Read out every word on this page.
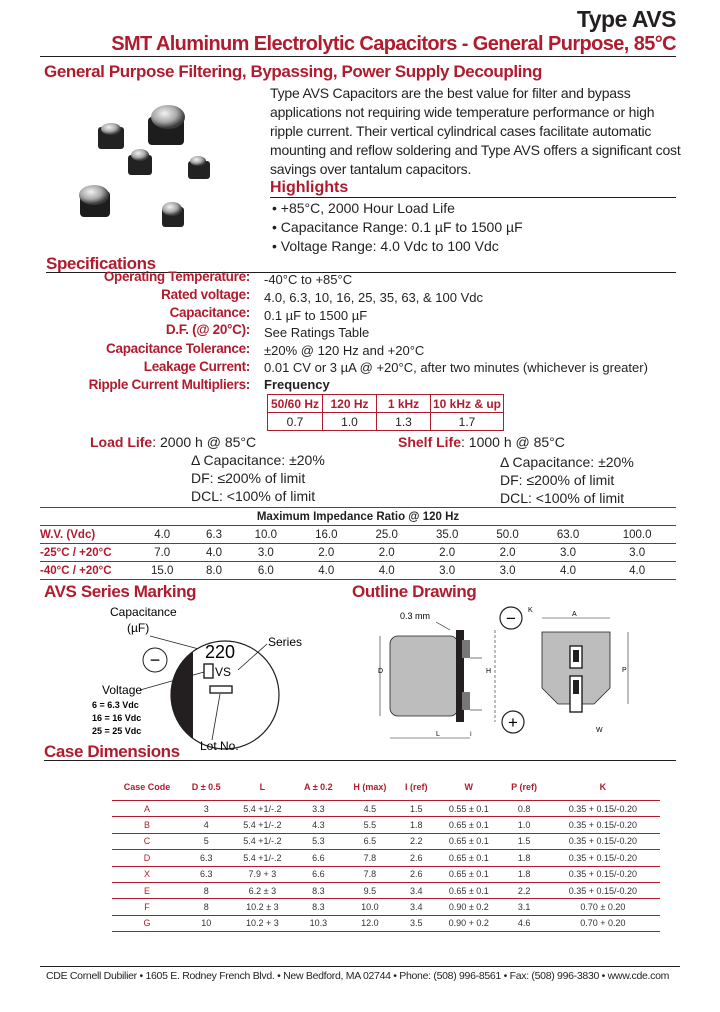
Type AVS
SMT Aluminum Electrolytic Capacitors - General Purpose, 85°C
General Purpose Filtering, Bypassing, Power Supply Decoupling
Type AVS Capacitors are the best value for filter and bypass applications not requiring wide temperature performance or high ripple current. Their vertical cylindrical cases facilitate automatic mounting and reflow soldering and Type AVS offers a significant cost savings over tantalum capacitors.
Highlights
• +85°C, 2000 Hour Load Life
• Capacitance Range: 0.1 µF to 1500 µF
• Voltage Range: 4.0 Vdc to 100 Vdc
Specifications
Operating Temperature: -40°C to +85°C
Rated voltage: 4.0, 6.3, 10, 16, 25, 35, 63, & 100 Vdc
Capacitance: 0.1 µF to 1500 µF
D.F. (@ 20°C): See Ratings Table
Capacitance Tolerance: ±20% @ 120 Hz and +20°C
Leakage Current: 0.01 CV or 3 µA @ +20°C, after two minutes (whichever is greater)
Ripple Current Multipliers: Frequency
50/60 Hz	120 Hz	1 kHz	10 kHz & up
0.7	1.0	1.3	1.7
Load Life: 2000 h @ 85°C
Δ Capacitance: ±20%
DF: ≤200% of limit
DCL: <100% of limit
Shelf Life: 1000 h @ 85°C
Δ Capacitance: ±20%
DF: ≤200% of limit
DCL: <100% of limit
Maximum Impedance Ratio @ 120 Hz									
W.V. (Vdc)	4.0	6.3	10.0	16.0	25.0	35.0	50.0	63.0	100.0
-25°C / +20°C	7.0	4.0	3.0	2.0	2.0	2.0	2.0	3.0	3.0
-40°C / +20°C	15.0	8.0	6.0	4.0	4.0	3.0	3.0	4.0	4.0
AVS Series Marking
Capacitance
(µF)
− 220
VS
Series
Voltage
6 = 6.3 Vdc
16 = 16 Vdc
25 = 25 Vdc
Lot No.
Outline Drawing
0.3 mm
D	H
L	I
−
+
A
K
W
P
Case Dimensions
Case Code	D ± 0.5	L	A ± 0.2	H (max)	I (ref)	W	P (ref)	K
A	3	5.4 +1/-.2	3.3	4.5	1.5	0.55 ± 0.1	0.8	0.35 + 0.15/-0.20
B	4	5.4 +1/-.2	4.3	5.5	1.8	0.65 ± 0.1	1.0	0.35 + 0.15/-0.20
C	5	5.4 +1/-.2	5.3	6.5	2.2	0.65 ± 0.1	1.5	0.35 + 0.15/-0.20
D	6.3	5.4 +1/-.2	6.6	7.8	2.6	0.65 ± 0.1	1.8	0.35 + 0.15/-0.20
X	6.3	7.9 + 3	6.6	7.8	2.6	0.65 ± 0.1	1.8	0.35 + 0.15/-0.20
E	8	6.2 ± 3	8.3	9.5	3.4	0.65 ± 0.1	2.2	0.35 + 0.15/-0.20
F	8	10.2 ± 3	8.3	10.0	3.4	0.90 ± 0.2	3.1	0.70 ± 0.20
G	10	10.2 + 3	10.3	12.0	3.5	0.90 + 0.2	4.6	0.70 + 0.20
CDE Cornell Dubilier • 1605 E. Rodney French Blvd. • New Bedford, MA 02744 • Phone: (508) 996-8561 • Fax: (508) 996-3830 • www.cde.com
